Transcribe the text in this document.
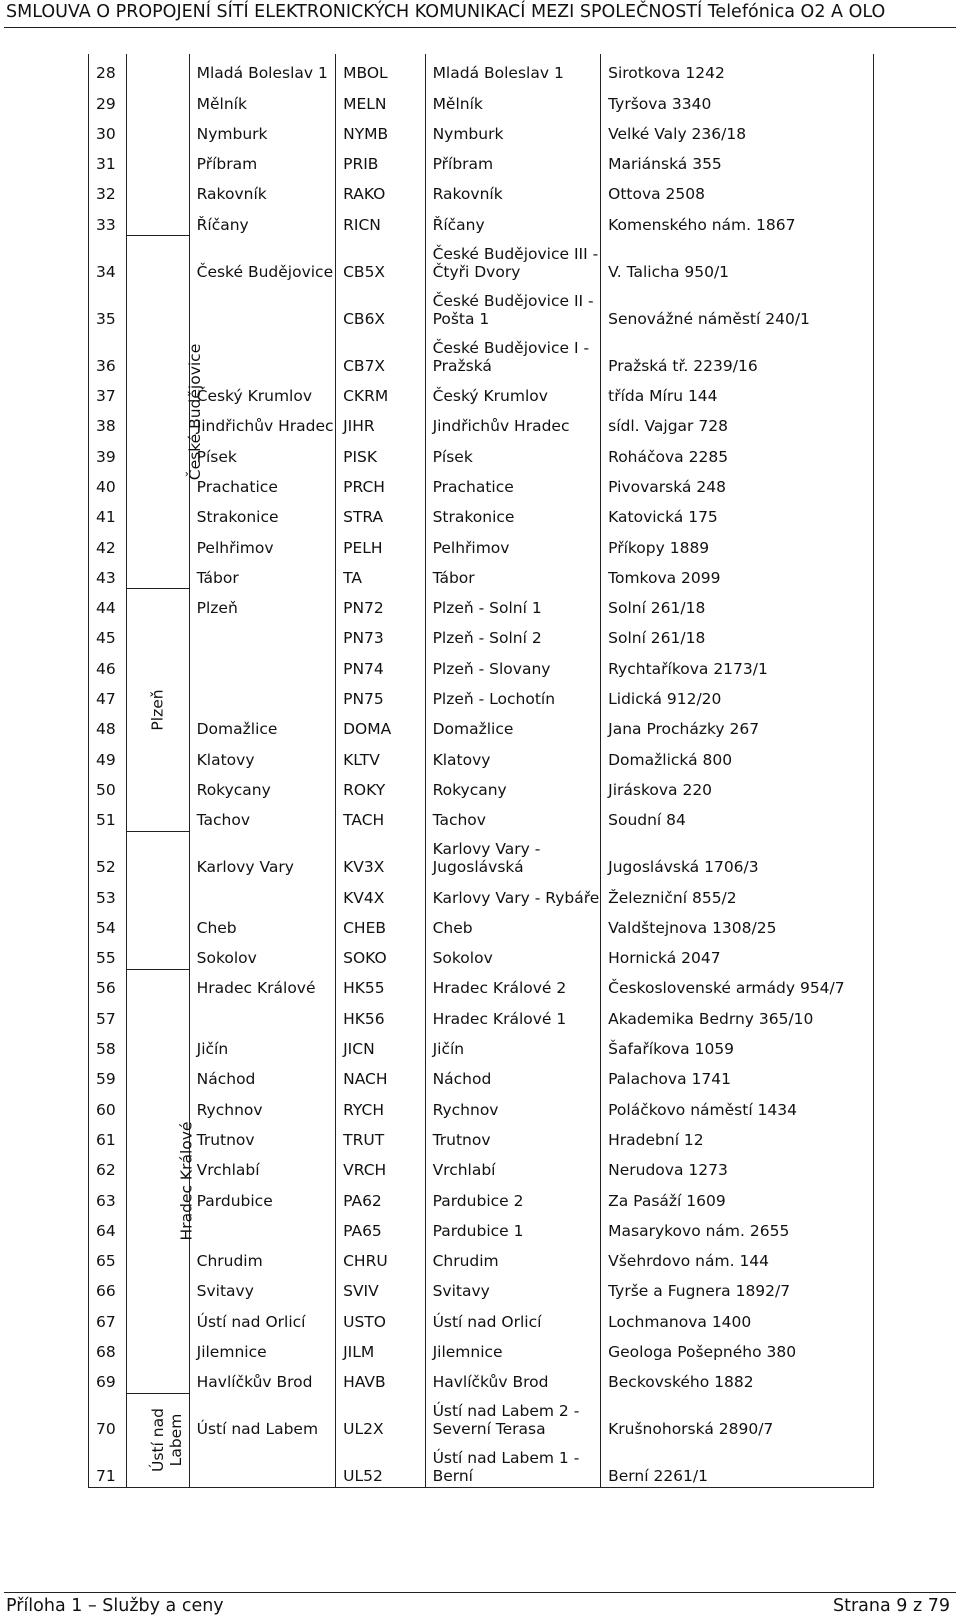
SMLOUVA O PROPOJENÍ SÍTÍ ELEKTRONICKÝCH KOMUNIKACÍ MEZI SPOLEČNOSTÍ Telefónica O2 A OLO
28		Mladá Boleslav 1	MBOL	Mladá Boleslav 1	Sirotkova 1242
29		Mělník	MELN	Mělník	Tyršova 3340
30		Nymburk	NYMB	Nymburk	Velké Valy 236/18
31		Příbram	PRIB	Příbram	Mariánská 355
32		Rakovník	RAKO	Rakovník	Ottova 2508
33		Říčany	RICN	Říčany	Komenského nám. 1867
34	České Budějovice	České Budějovice	CB5X	České Budějovice III - Čtyři Dvory	V. Talicha 950/1
35			CB6X	České Budějovice II - Pošta 1	Senovážné náměstí 240/1
36			CB7X	České Budějovice I - Pražská	Pražská tř. 2239/16
37		Český Krumlov	CKRM	Český Krumlov	třída Míru 144
38		Jindřichův Hradec	JIHR	Jindřichův Hradec	sídl. Vajgar 728
39		Písek	PISK	Písek	Roháčova 2285
40		Prachatice	PRCH	Prachatice	Pivovarská 248
41		Strakonice	STRA	Strakonice	Katovická 175
42		Pelhřimov	PELH	Pelhřimov	Příkopy 1889
43		Tábor	TA	Tábor	Tomkova 2099
44	Plzeň	Plzeň	PN72	Plzeň - Solní 1	Solní 261/18
45			PN73	Plzeň - Solní 2	Solní 261/18
46			PN74	Plzeň - Slovany	Rychtaříkova 2173/1
47			PN75	Plzeň - Lochotín	Lidická 912/20
48		Domažlice	DOMA	Domažlice	Jana Procházky 267
49		Klatovy	KLTV	Klatovy	Domažlická 800
50		Rokycany	ROKY	Rokycany	Jiráskova 220
51		Tachov	TACH	Tachov	Soudní 84
52		Karlovy Vary	KV3X	Karlovy Vary - Jugoslávská	Jugoslávská 1706/3
53			KV4X	Karlovy Vary - Rybáře	Železniční 855/2
54		Cheb	CHEB	Cheb	Valdštejnova 1308/25
55		Sokolov	SOKO	Sokolov	Hornická 2047
56	Hradec Králové	Hradec Králové	HK55	Hradec Králové 2	Československé armády 954/7
57			HK56	Hradec Králové 1	Akademika Bedrny 365/10
58		Jičín	JICN	Jičín	Šafaříkova 1059
59		Náchod	NACH	Náchod	Palachova 1741
60		Rychnov	RYCH	Rychnov	Poláčkovo náměstí 1434
61		Trutnov	TRUT	Trutnov	Hradební 12
62		Vrchlabí	VRCH	Vrchlabí	Nerudova 1273
63		Pardubice	PA62	Pardubice 2	Za Pasáží 1609
64			PA65	Pardubice 1	Masarykovo nám. 2655
65		Chrudim	CHRU	Chrudim	Všehrdovo nám. 144
66		Svitavy	SVIV	Svitavy	Tyrše a Fugnera 1892/7
67		Ústí nad Orlicí	USTO	Ústí nad Orlicí	Lochmanova 1400
68		Jilemnice	JILM	Jilemnice	Geologa Pošepného 380
69		Havlíčkův Brod	HAVB	Havlíčkův Brod	Beckovského 1882
70	Ústí nad Labem	Ústí nad Labem	UL2X	Ústí nad Labem 2 - Severní Terasa	Krušnohorská 2890/7
71			UL52	Ústí nad Labem 1 - Berní	Berní 2261/1
Příloha 1 – Služby a ceny	Strana 9 z 79
